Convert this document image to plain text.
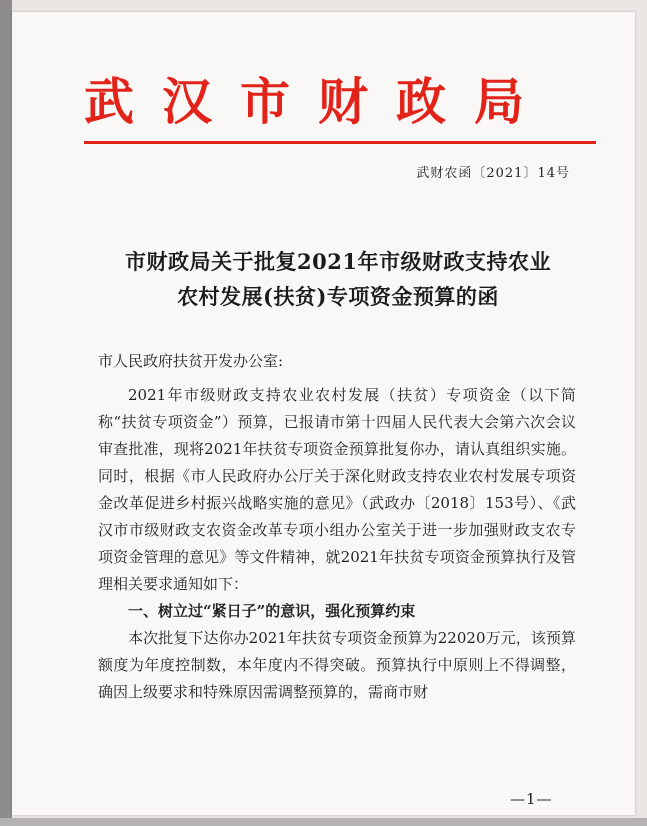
武汉市财政局
武财农函〔2021〕14号
市财政局关于批复2021年市级财政支持农业
农村发展(扶贫)专项资金预算的函
市人民政府扶贫开发办公室:

2021年市级财政支持农业农村发展（扶贫）专项资金（以下简称“扶贫专项资金”）预算，已报请市第十四届人民代表大会第六次会议审查批准，现将2021年扶贫专项资金预算批复你办，请认真组织实施。同时，根据《市人民政府办公厅关于深化财政支持农业农村发展专项资金改革促进乡村振兴战略实施的意见》（武政办〔2018〕153号）、《武汉市市级财政支农资金改革专项小组办公室关于进一步加强财政支农专项资金管理的意见》等文件精神，就2021年扶贫专项资金预算执行及管理相关要求通知如下：

一、树立过“紧日子”的意识，强化预算约束

本次批复下达你办2021年扶贫专项资金预算为22020万元，该预算额度为年度控制数，本年度内不得突破。预算执行中原则上不得调整，确因上级要求和特殊原因需调整预算的，需商市财

—1—
